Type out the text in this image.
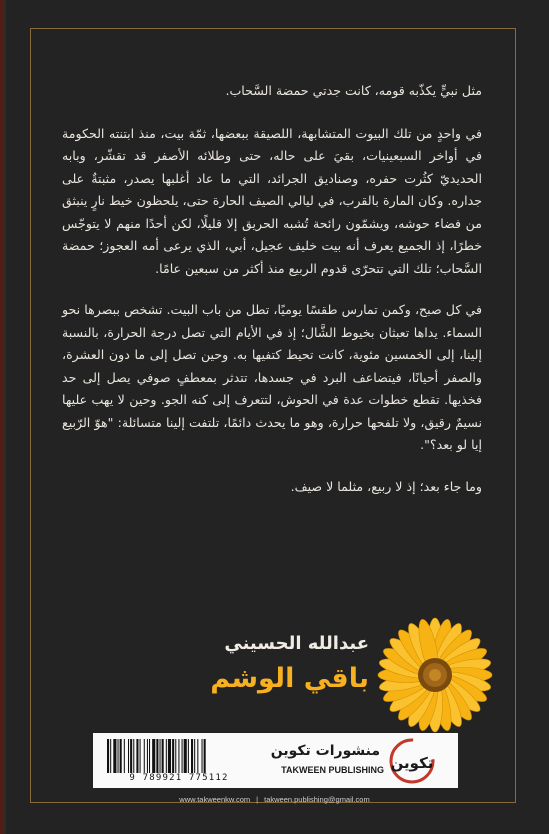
مثل نبيٍّ يكذّبه قومه، كانت جدتي حمضة السَّحاب.

في واحدٍ من تلك البيوت المتشابهة، اللصيقة ببعضها، ثمّة بيت، منذ ابتنته الحكومة في أواخر السبعينيات، بقيَ على حاله، حتى وطلائه الأصفر قد تقشّر، وبابه الحديديّ كثُرت حفره، وصناديق الجرائد، التي ما عاد أغلبها يصدر، مثبتةٌ على جداره. وكان المارة بالقرب، في ليالي الصيف الحارة حتى، يلحظون خيط نارٍ ينبثق من فضاء حوشه، ويشمّون رائحة تُشبه الحريق إلا قليلًا، لكن أحدًا منهم لا يتوجّس خطرًا، إذ الجميع يعرف أنه بيت خليف عجيل، أبي، الذي يرعى أمه العجوز؛ حمضة السَّحاب؛ تلك التي تتحرّى قدوم الربيع منذ أكثر من سبعين عامًا.

في كل صبح، وكمن تمارس طقسًا يوميًا، تطل من باب البيت. تشخص ببصرها نحو السماء. يداها تعبثان بخيوط الشَّال؛ إذ في الأيام التي تصل درجة الحرارة، بالنسبة إلينا، إلى الخمسين مئوية، كانت تحيط كتفيها به. وحين تصل إلى ما دون العشرة، والصفر أحيانًا، فيتضاعف البرد في جسدها، تتدثر بمعطفٍ صوفي يصل إلى حد فخذيها. تقطع خطوات عدة في الحوش، لتتعرف إلى كنه الجو. وحين لا يهب عليها نسيمٌ رقيق، ولا تلفحها حرارة، وهو ما يحدث دائمًا، تلتفت إلينا متسائلة: "هوّ الرّبيع إيا لو بعد؟".

وما جاء بعد؛ إذ لا ربيع، مثلما لا صيف.

عبدالله الحسيني
باقي الوشم
9 789921 775112
منشورات تكوين
TAKWEEN PUBLISHING تكوين
www.takweenkw.com | takween.publishing@gmail.com
